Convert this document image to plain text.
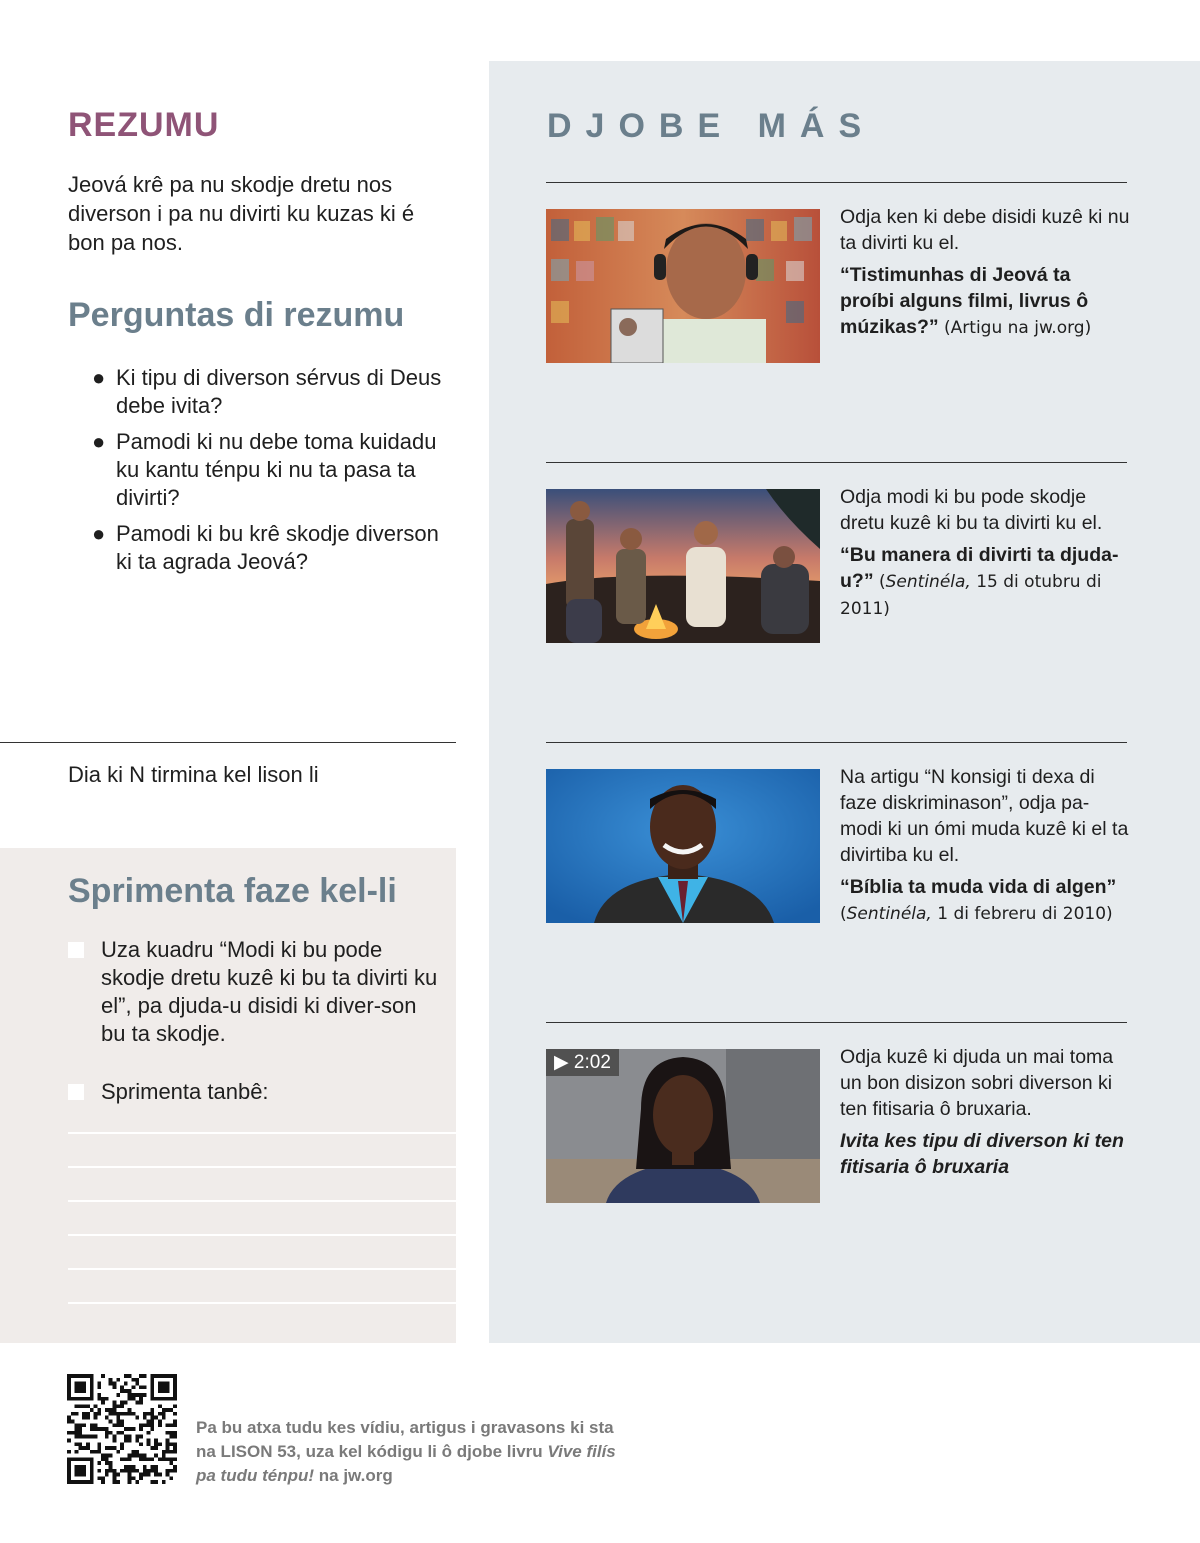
REZUMU

Jeová krê pa nu skodje dretu nos diverson i pa nu divirti ku kuzas ki é bon pa nos.

Perguntas di rezumu
● Ki tipu di diverson sérvus di Deus debe ivita?
● Pamodi ki nu debe toma kuidadu ku kantu ténpu ki nu ta pasa ta divirti?
● Pamodi ki bu krê skodje diverson ki ta agrada Jeová?

Dia ki N tirmina kel lison li

Sprimenta faze kel-li
Uza kuadru “Modi ki bu pode skodje dretu kuzê ki bu ta divirti ku el”, pa djuda-u disidi ki diver-son bu ta skodje.
Sprimenta tanbê:
DJOBE MÁS
Odja ken ki debe disidi kuzê ki nu ta divirti ku el.
“Tistimunhas di Jeová ta proíbi alguns filmi, livrus ô múzikas?” (Artigu na jw.org)
Odja modi ki bu pode skodje dretu kuzê ki bu ta divirti ku el.
“Bu manera di divirti ta djuda-u?” (Sentinéla, 15 di otubru di 2011)
Na artigu “N konsigi ti dexa di faze diskriminason”, odja pa-modi ki un ómi muda kuzê ki el ta divirtiba ku el.
“Bíblia ta muda vida di algen”
(Sentinéla, 1 di febreru di 2010)
▶ 2:02	Odja kuzê ki djuda un mai toma un bon disizon sobri diverson ki ten fitisaria ô bruxaria.
Ivita kes tipu di diverson ki ten fitisaria ô bruxaria

Pa bu atxa tudu kes vídiu, artigus i gravasons ki sta na LISON 53, uza kel kódigu li ô djobe livru Vive filís pa tudu ténpu! na jw.org
